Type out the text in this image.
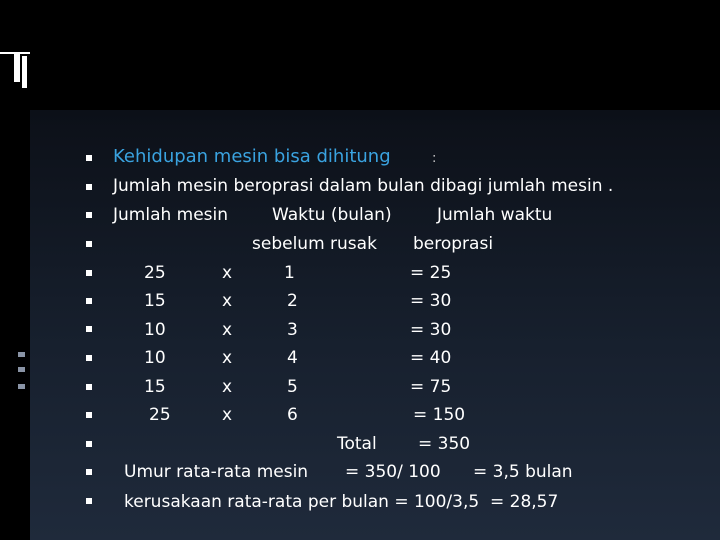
Kehidupan mesin bisa dihitung	:
Jumlah mesin beroprasi dalam bulan dibagi jumlah mesin .
Jumlah mesin	Waktu (bulan)	Jumlah waktu
sebelum rusak beroprasi
25	x	1	= 25
15	x	2	= 30
10	x	3	= 30
10	x	4	= 40
15	x	5	= 75
25	x	6	= 150
Total = 350
Umur rata-rata mesin = 350/ 100 = 3,5 bulan
kerusakaan rata-rata per bulan = 100/3,5 = 28,57
